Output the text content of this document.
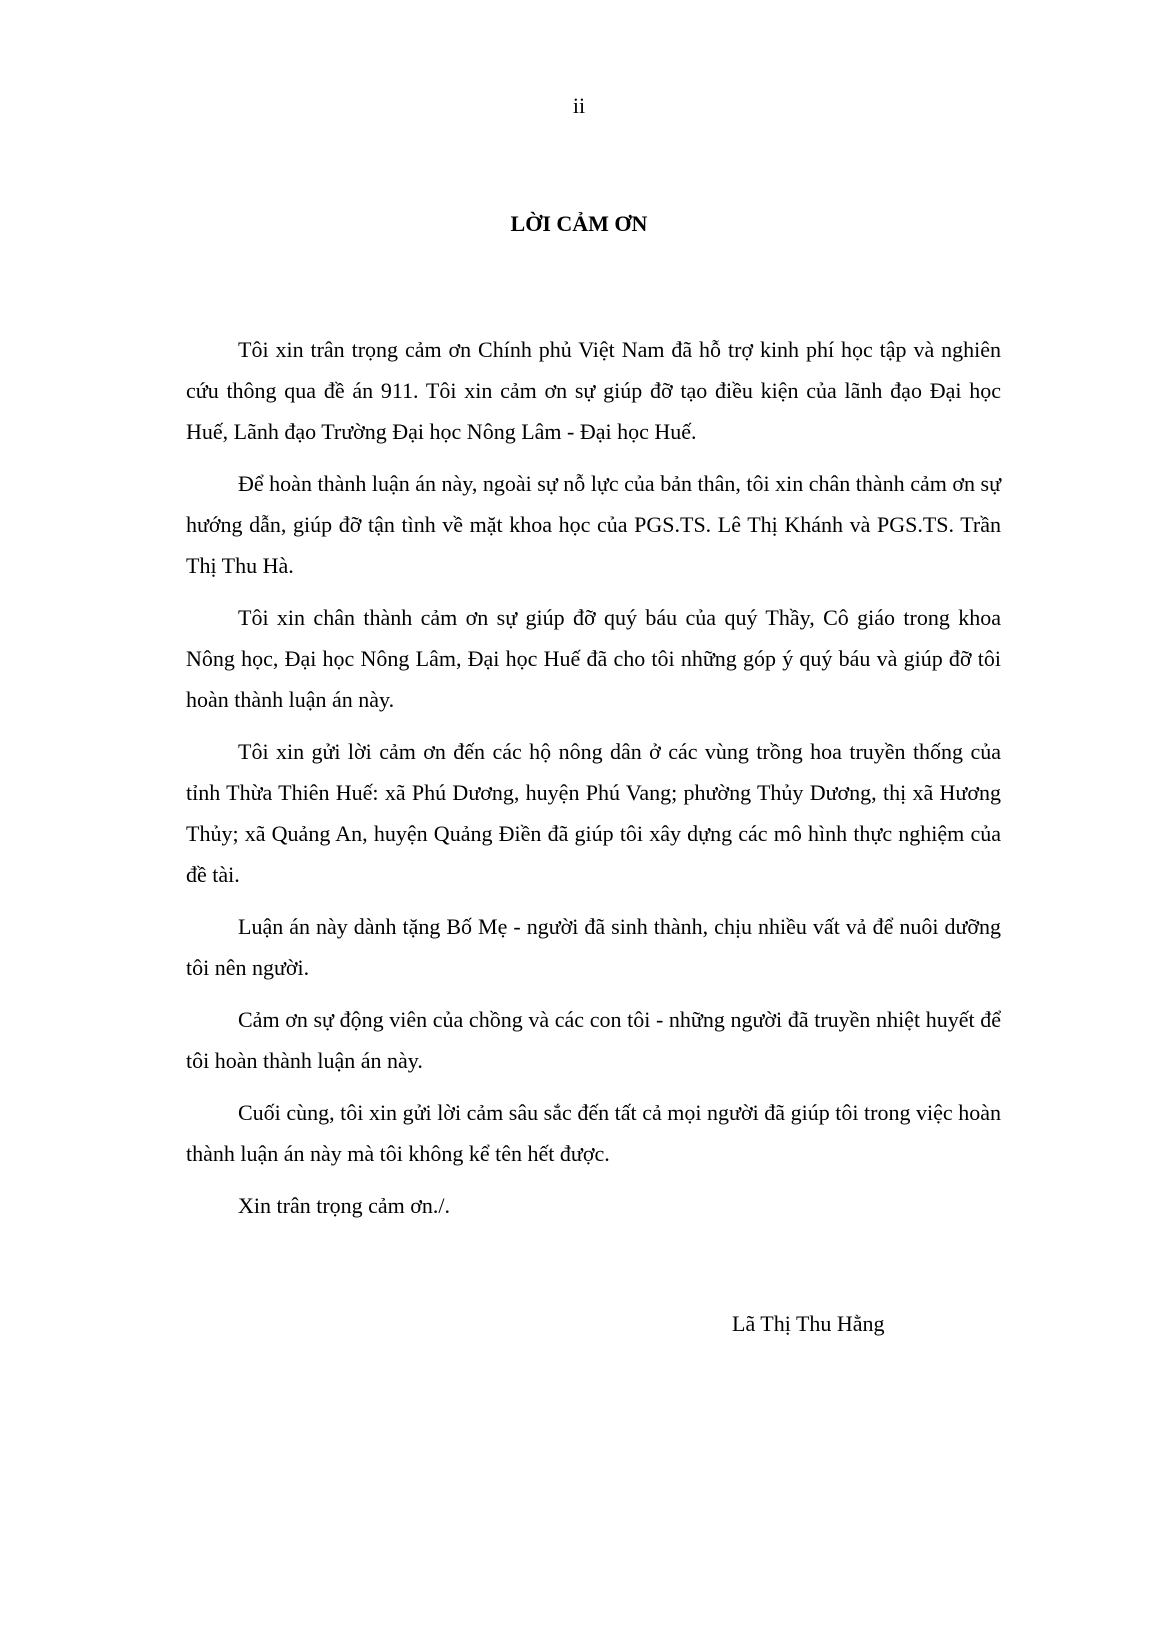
ii

LỜI CẢM ƠN

Tôi xin trân trọng cảm ơn Chính phủ Việt Nam đã hỗ trợ kinh phí học tập và nghiên cứu thông qua đề án 911. Tôi xin cảm ơn sự giúp đỡ tạo điều kiện của lãnh đạo Đại học Huế, Lãnh đạo Trường Đại học Nông Lâm - Đại học Huế.

Để hoàn thành luận án này, ngoài sự nỗ lực của bản thân, tôi xin chân thành cảm ơn sự hướng dẫn, giúp đỡ tận tình về mặt khoa học của PGS.TS. Lê Thị Khánh và PGS.TS. Trần Thị Thu Hà.

Tôi xin chân thành cảm ơn sự giúp đỡ quý báu của quý Thầy, Cô giáo trong khoa Nông học, Đại học Nông Lâm, Đại học Huế đã cho tôi những góp ý quý báu và giúp đỡ tôi hoàn thành luận án này.

Tôi xin gửi lời cảm ơn đến các hộ nông dân ở các vùng trồng hoa truyền thống của tỉnh Thừa Thiên Huế: xã Phú Dương, huyện Phú Vang; phường Thủy Dương, thị xã Hương Thủy; xã Quảng An, huyện Quảng Điền đã giúp tôi xây dựng các mô hình thực nghiệm của đề tài.

Luận án này dành tặng Bố Mẹ - người đã sinh thành, chịu nhiều vất vả để nuôi dưỡng tôi nên người.

Cảm ơn sự động viên của chồng và các con tôi - những người đã truyền nhiệt huyết để tôi hoàn thành luận án này.

Cuối cùng, tôi xin gửi lời cảm sâu sắc đến tất cả mọi người đã giúp tôi trong việc hoàn thành luận án này mà tôi không kể tên hết được.

Xin trân trọng cảm ơn./.

Lã Thị Thu Hằng
